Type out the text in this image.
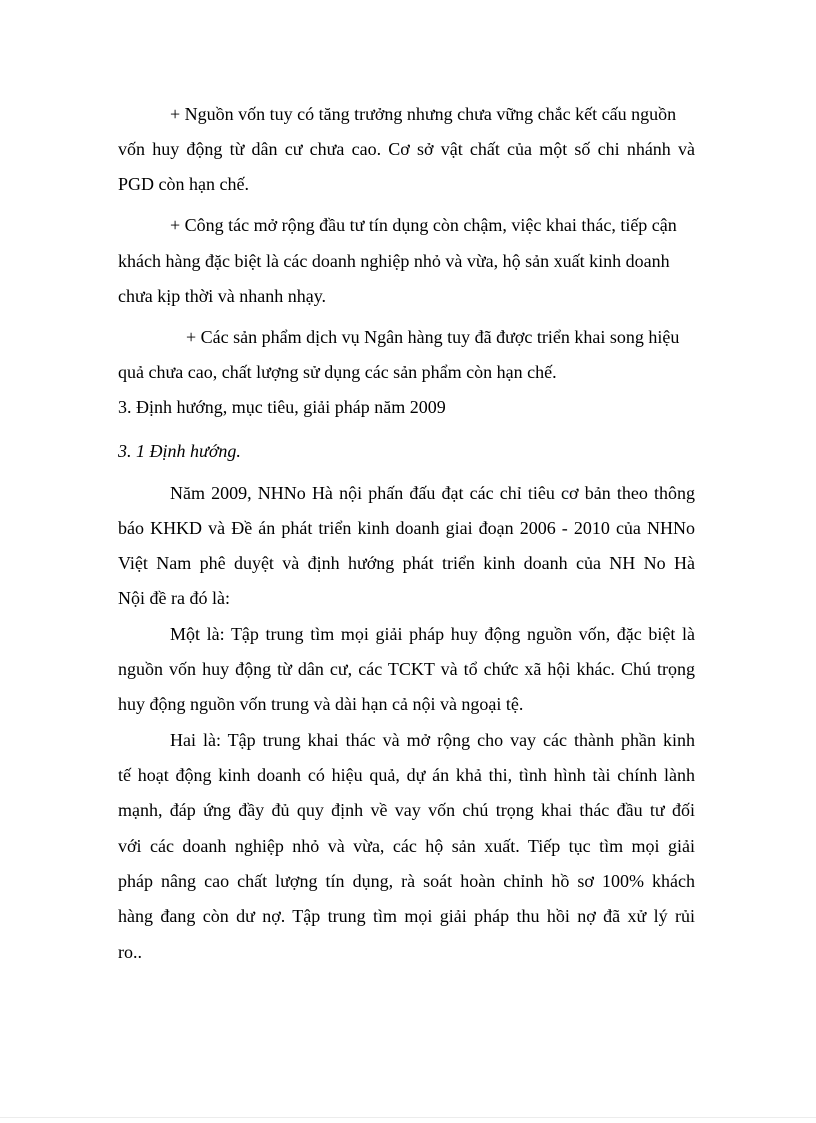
+ Nguồn vốn tuy có tăng trưởng nhưng chưa vững chắc kết cấu nguồn
vốn huy động từ dân cư chưa cao. Cơ sở vật chất của một số chi nhánh và
PGD còn hạn chế.
+ Công tác mở rộng đầu tư tín dụng còn chậm, việc khai thác, tiếp cận
khách hàng đặc biệt là các doanh nghiệp nhỏ và vừa, hộ sản xuất kinh doanh
chưa kịp thời và nhanh nhạy.
+ Các sản phẩm dịch vụ Ngân hàng tuy đã được triển khai song hiệu
quả chưa cao, chất lượng sử dụng các sản phẩm còn hạn chế.
3. Định hướng, mục tiêu, giải pháp năm 2009
3. 1 Định hướng.
Năm 2009, NHNo Hà nội phấn đấu đạt các chỉ tiêu cơ bản theo thông
báo KHKD và Đề án phát triển kinh doanh giai đoạn 2006 - 2010 của NHNo
Việt Nam phê duyệt và định hướng phát triển kinh doanh của NH No Hà
Nội đề ra đó là:
Một là: Tập trung tìm mọi giải pháp huy động nguồn vốn, đặc biệt là
nguồn vốn huy động từ dân cư, các TCKT và tổ chức xã hội khác. Chú trọng
huy động nguồn vốn trung và dài hạn cả nội và ngoại tệ.
Hai là: Tập trung khai thác và mở rộng cho vay các thành phần kinh
tế hoạt động kinh doanh có hiệu quả, dự án khả thi, tình hình tài chính lành
mạnh, đáp ứng đầy đủ quy định về vay vốn chú trọng khai thác đầu tư đối
với các doanh nghiệp nhỏ và vừa, các hộ sản xuất. Tiếp tục tìm mọi giải
pháp nâng cao chất lượng tín dụng, rà soát hoàn chỉnh hồ sơ 100% khách
hàng đang còn dư nợ. Tập trung tìm mọi giải pháp thu hồi nợ đã xử lý rủi
ro..
